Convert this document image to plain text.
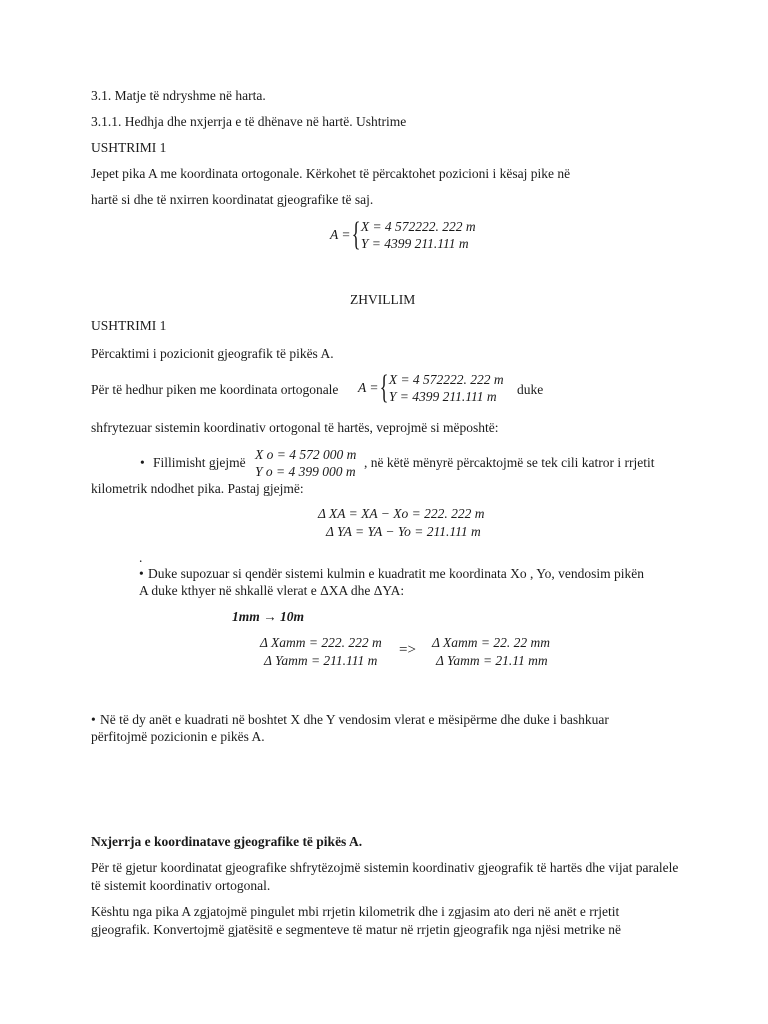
3.1. Matje të ndryshme në harta.
3.1.1. Hedhja dhe nxjerrja e të dhënave në hartë. Ushtrime
USHTRIMI 1
Jepet pika A me koordinata ortogonale. Kërkohet të përcaktohet pozicioni i kësaj pike në
hartë si dhe të nxirren koordinatat gjeografike të saj.
A = { X = 4 572222. 222 m
Y = 4399 211.111 m
ZHVILLIM
USHTRIMI 1
Përcaktimi i pozicionit gjeografik të pikës A.
Për të hedhur piken me koordinata ortogonale A = { X = 4 572222. 222 m
Y = 4399 211.111 m	duke
shfrytezuar sistemin koordinativ ortogonal të hartës, veprojmë si mëposhtë:
• Fillimisht gjejmë
X o = 4 572 000 m
Y o = 4 399 000 m
, në këtë mënyrë përcaktojmë se tek cili katror i rrjetit
kilometrik ndodhet pika. Pastaj gjejmë:
Δ XA = XA − Xo = 222. 222 m
Δ YA = YA − Yo = 211.111 m
.
• Duke supozuar si qendër sistemi kulmin e kuadratit me koordinata Xo , Yo, vendosim pikën
A duke kthyer në shkallë vlerat e ΔXA dhe ΔYA:
1mm → 10m
Δ Xamm = 222. 222 m
Δ Yamm = 211.111 m
=> Δ Xamm = 22. 22 mm
Δ Yamm = 21.11 mm
• Në të dy anët e kuadrati në boshtet X dhe Y vendosim vlerat e mësipërme dhe duke i bashkuar
përfitojmë pozicionin e pikës A.
Nxjerrja e koordinatave gjeografike të pikës A.
Për të gjetur koordinatat gjeografike shfrytëzojmë sistemin koordinativ gjeografik të hartës dhe vijat paralele të sistemit koordinativ ortogonal.
Kështu nga pika A zgjatojmë pingulet mbi rrjetin kilometrik dhe i zgjasim ato deri në anët e rrjetit gjeografik. Konvertojmë gjatësitë e segmenteve të matur në rrjetin gjeografik nga njësi metrike në
